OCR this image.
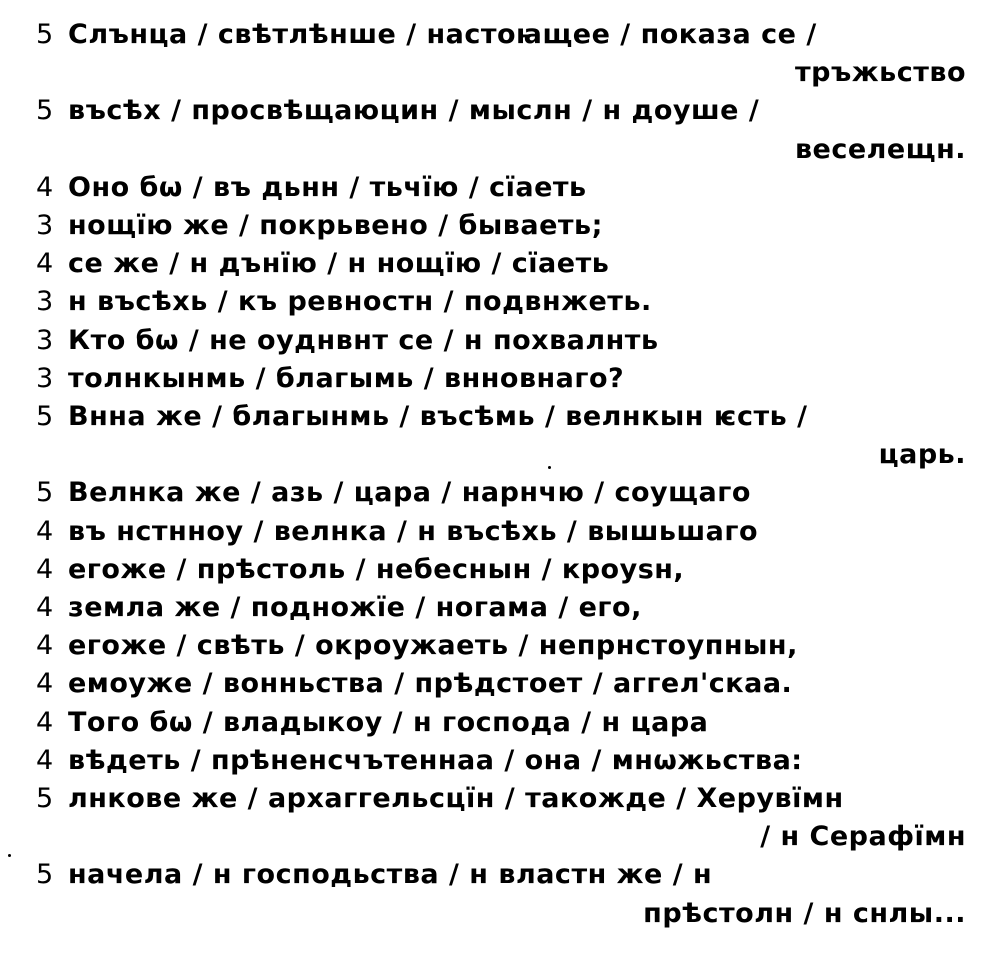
5 Слънца / свѣтлѣнше / настоꙗщее / показа се /
тръжьство
5 въсѣх / просвѣщаюцин / мыслн / н доуше /
веселещн.
4 Оно бѡ / въ дьнн / тьчїю / сїаеть
3 нощїю же / покрьвено / бываеть;
4 се же / н дънїю / н нощїю / сїаеть
3 н въсѣхь / къ ревностн / подвнжеть.
3 Кто бѡ / не оуднвнт се / н похвалнть
3 толнкынмь / благымь / внновнаго?
5 Внна же / благынмь / въсѣмь / велнкын ѥсть /
царь.
5 Велнка же / азь / цара / нарнчю / соущаго
4 въ нстнноу / велнка / н въсѣхь / вышьшаго
4 егоже / прѣстоль / небеснын / кроуѕн,
4 земла же / подножїе / ногама / его,
4 егоже / свѣть / окроужаеть / непрнстоупнын,
4 емоуже / вонньства / прѣдстоет / аггел'скаа.
4 Того бѡ / владыкоу / н господа / н цара
4 вѣдеть / прѣненсчътеннаа / она / мнѡжьства:
5 лнкове же / архаггельсцїн / такожде / Херувїмн
/ н Серафїмн
5 начела / н господьства / н властн же / н
прѣстолн / н снлы...
